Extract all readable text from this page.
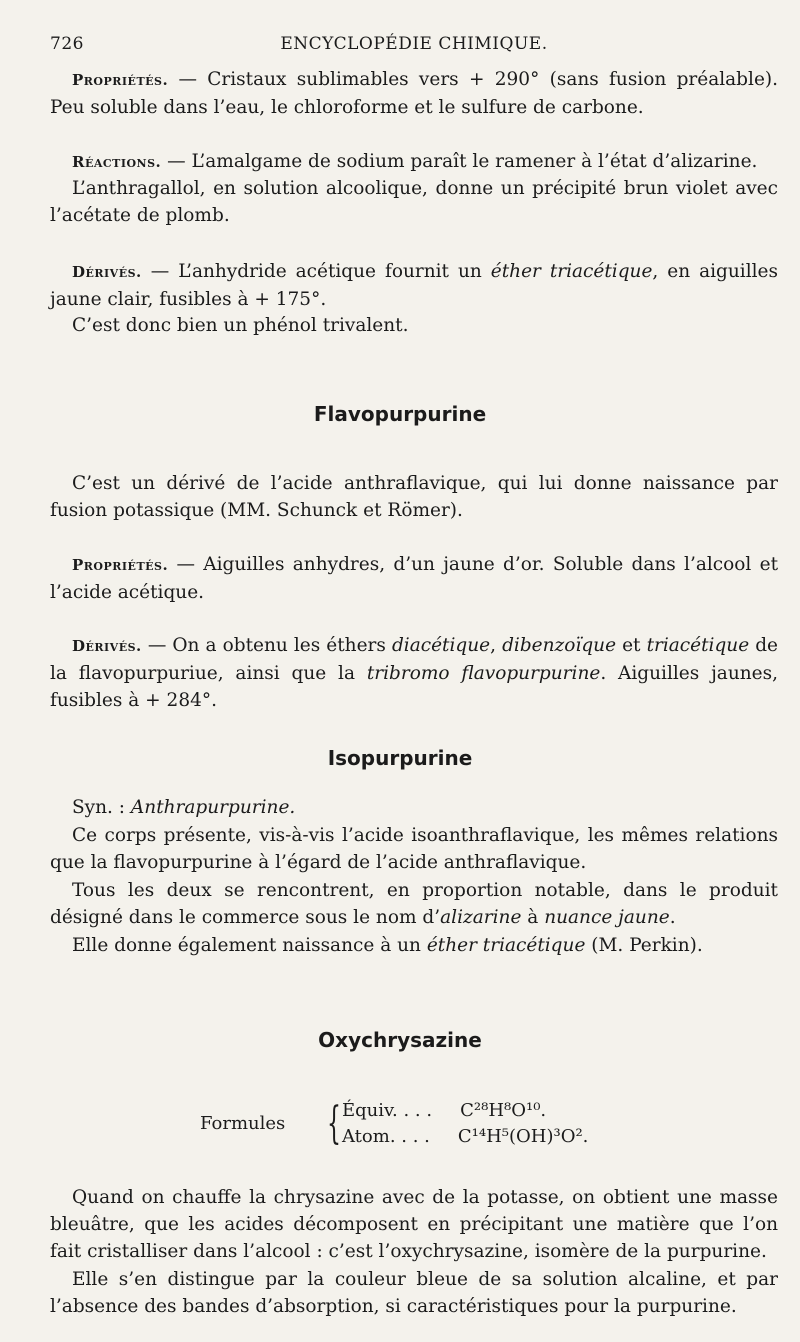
726	ENCYCLOPÉDIE CHIMIQUE.
Propriétés. — Cristaux sublimables vers + 290° (sans fusion préalable). Peu soluble dans l’eau, le chloroforme et le sulfure de carbone.
Réactions. — L’amalgame de sodium paraît le ramener à l’état d’alizarine.
L’anthragallol, en solution alcoolique, donne un précipité brun violet avec l’acétate de plomb.
Dérivés. — L’anhydride acétique fournit un éther triacétique, en aiguilles jaune clair, fusibles à + 175°.
C’est donc bien un phénol trivalent.
Flavopurpurine
C’est un dérivé de l’acide anthraflavique, qui lui donne naissance par fusion potassique (MM. Schunck et Römer).
Propriétés. — Aiguilles anhydres, d’un jaune d’or. Soluble dans l’alcool et l’acide acétique.
Dérivés. — On a obtenu les éthers diacétique, dibenzoïque et triacétique de la flavopurpuriue, ainsi que la tribromo flavopurpurine. Aiguilles jaunes, fusibles à + 284°.
Isopurpurine
Syn. : Anthrapurpurine.
Ce corps présente, vis-à-vis l’acide isoanthraflavique, les mêmes relations que la flavopurpurine à l’égard de l’acide anthraflavique.
Tous les deux se rencontrent, en proportion notable, dans le produit désigné dans le commerce sous le nom d’alizarine à nuance jaune.
Elle donne également naissance à un éther triacétique (M. Perkin).
Oxychrysazine
Formules { Équiv. . . . C²⁸H⁸O¹⁰.
Atom. . . . C¹⁴H⁵(OH)³O².
Quand on chauffe la chrysazine avec de la potasse, on obtient une masse bleuâtre, que les acides décomposent en précipitant une matière que l’on fait cristalliser dans l’alcool : c’est l’oxychrysazine, isomère de la purpurine.
Elle s’en distingue par la couleur bleue de sa solution alcaline, et par l’absence des bandes d’absorption, si caractéristiques pour la purpurine.
